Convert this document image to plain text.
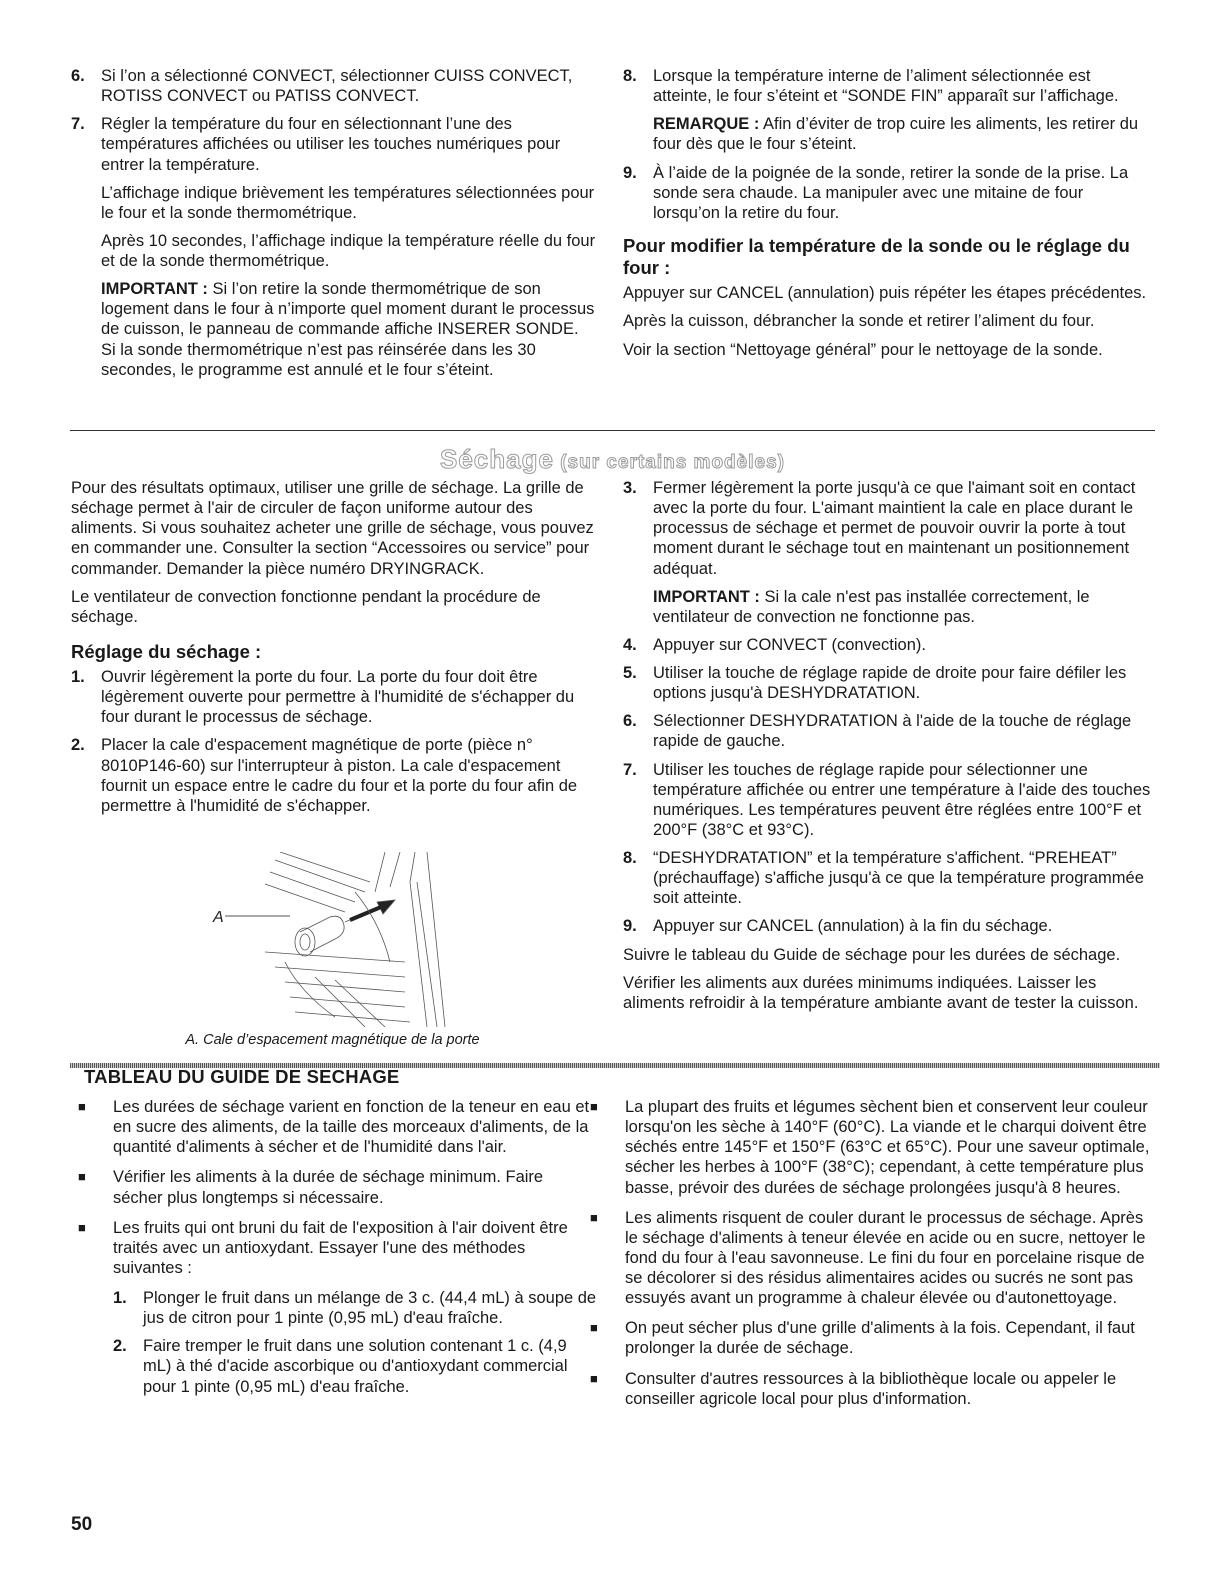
6. Si l’on a sélectionné CONVECT, sélectionner CUISS CONVECT, ROTISS CONVECT ou PATISS CONVECT.

7. Régler la température du four en sélectionnant l’une des températures affichées ou utiliser les touches numériques pour entrer la température.

L’affichage indique brièvement les températures sélectionnées pour le four et la sonde thermométrique.

Après 10 secondes, l’affichage indique la température réelle du four et de la sonde thermométrique.

IMPORTANT : Si l’on retire la sonde thermométrique de son logement dans le four à n’importe quel moment durant le processus de cuisson, le panneau de commande affiche INSERER SONDE. Si la sonde thermométrique n’est pas réinsérée dans les 30 secondes, le programme est annulé et le four s’éteint.

8. Lorsque la température interne de l’aliment sélectionnée est atteinte, le four s’éteint et “SONDE FIN” apparaît sur l’affichage.

REMARQUE : Afin d’éviter de trop cuire les aliments, les retirer du four dès que le four s’éteint.

9. À l’aide de la poignée de la sonde, retirer la sonde de la prise. La sonde sera chaude. La manipuler avec une mitaine de four lorsqu’on la retire du four.

Pour modifier la température de la sonde ou le réglage du four :

Appuyer sur CANCEL (annulation) puis répéter les étapes précédentes.

Après la cuisson, débrancher la sonde et retirer l’aliment du four.

Voir la section “Nettoyage général” pour le nettoyage de la sonde.

Séchage (sur certains modèles)

Pour des résultats optimaux, utiliser une grille de séchage. La grille de séchage permet à l'air de circuler de façon uniforme autour des aliments. Si vous souhaitez acheter une grille de séchage, vous pouvez en commander une. Consulter la section “Accessoires ou service” pour commander. Demander la pièce numéro DRYINGRACK.

Le ventilateur de convection fonctionne pendant la procédure de séchage.

Réglage du séchage :
1. Ouvrir légèrement la porte du four. La porte du four doit être légèrement ouverte pour permettre à l'humidité de s'échapper du four durant le processus de séchage.
2. Placer la cale d'espacement magnétique de porte (pièce n° 8010P146-60) sur l'interrupteur à piston. La cale d'espacement fournit un espace entre le cadre du four et la porte du four afin de permettre à l'humidité de s'échapper.
A
A. Cale d’espacement magnétique de la porte
3. Fermer légèrement la porte jusqu'à ce que l'aimant soit en contact avec la porte du four. L'aimant maintient la cale en place durant le processus de séchage et permet de pouvoir ouvrir la porte à tout moment durant le séchage tout en maintenant un positionnement adéquat.

IMPORTANT : Si la cale n'est pas installée correctement, le ventilateur de convection ne fonctionne pas.

4. Appuyer sur CONVECT (convection).
5. Utiliser la touche de réglage rapide de droite pour faire défiler les options jusqu'à DESHYDRATATION.
6. Sélectionner DESHYDRATATION à l'aide de la touche de réglage rapide de gauche.
7. Utiliser les touches de réglage rapide pour sélectionner une température affichée ou entrer une température à l'aide des touches numériques. Les températures peuvent être réglées entre 100°F et 200°F (38°C et 93°C).
8. “DESHYDRATATION” et la température s'affichent. “PREHEAT” (préchauffage) s'affiche jusqu'à ce que la température programmée soit atteinte.
9. Appuyer sur CANCEL (annulation) à la fin du séchage.

Suivre le tableau du Guide de séchage pour les durées de séchage.

Vérifier les aliments aux durées minimums indiquées. Laisser les aliments refroidir à la température ambiante avant de tester la cuisson.

TABLEAU DU GUIDE DE SECHAGE
■	Les durées de séchage varient en fonction de la teneur en eau et en sucre des aliments, de la taille des morceaux d'aliments, de la quantité d'aliments à sécher et de l'humidité dans l'air.
■	Vérifier les aliments à la durée de séchage minimum. Faire sécher plus longtemps si nécessaire.
■	Les fruits qui ont bruni du fait de l'exposition à l'air doivent être traités avec un antioxydant. Essayer l'une des méthodes suivantes :
1. Plonger le fruit dans un mélange de 3 c. (44,4 mL) à soupe de jus de citron pour 1 pinte (0,95 mL) d'eau fraîche.
2. Faire tremper le fruit dans une solution contenant 1 c. (4,9 mL) à thé d'acide ascorbique ou d'antioxydant commercial pour 1 pinte (0,95 mL) d'eau fraîche.
■	La plupart des fruits et légumes sèchent bien et conservent leur couleur lorsqu'on les sèche à 140°F (60°C). La viande et le charqui doivent être séchés entre 145°F et 150°F (63°C et 65°C). Pour une saveur optimale, sécher les herbes à 100°F (38°C); cependant, à cette température plus basse, prévoir des durées de séchage prolongées jusqu'à 8 heures.
■	Les aliments risquent de couler durant le processus de séchage. Après le séchage d'aliments à teneur élevée en acide ou en sucre, nettoyer le fond du four à l'eau savonneuse. Le fini du four en porcelaine risque de se décolorer si des résidus alimentaires acides ou sucrés ne sont pas essuyés avant un programme à chaleur élevée ou d'autonettoyage.
■	On peut sécher plus d'une grille d'aliments à la fois. Cependant, il faut prolonger la durée de séchage.
■	Consulter d'autres ressources à la bibliothèque locale ou appeler le conseiller agricole local pour plus d'information.
50
